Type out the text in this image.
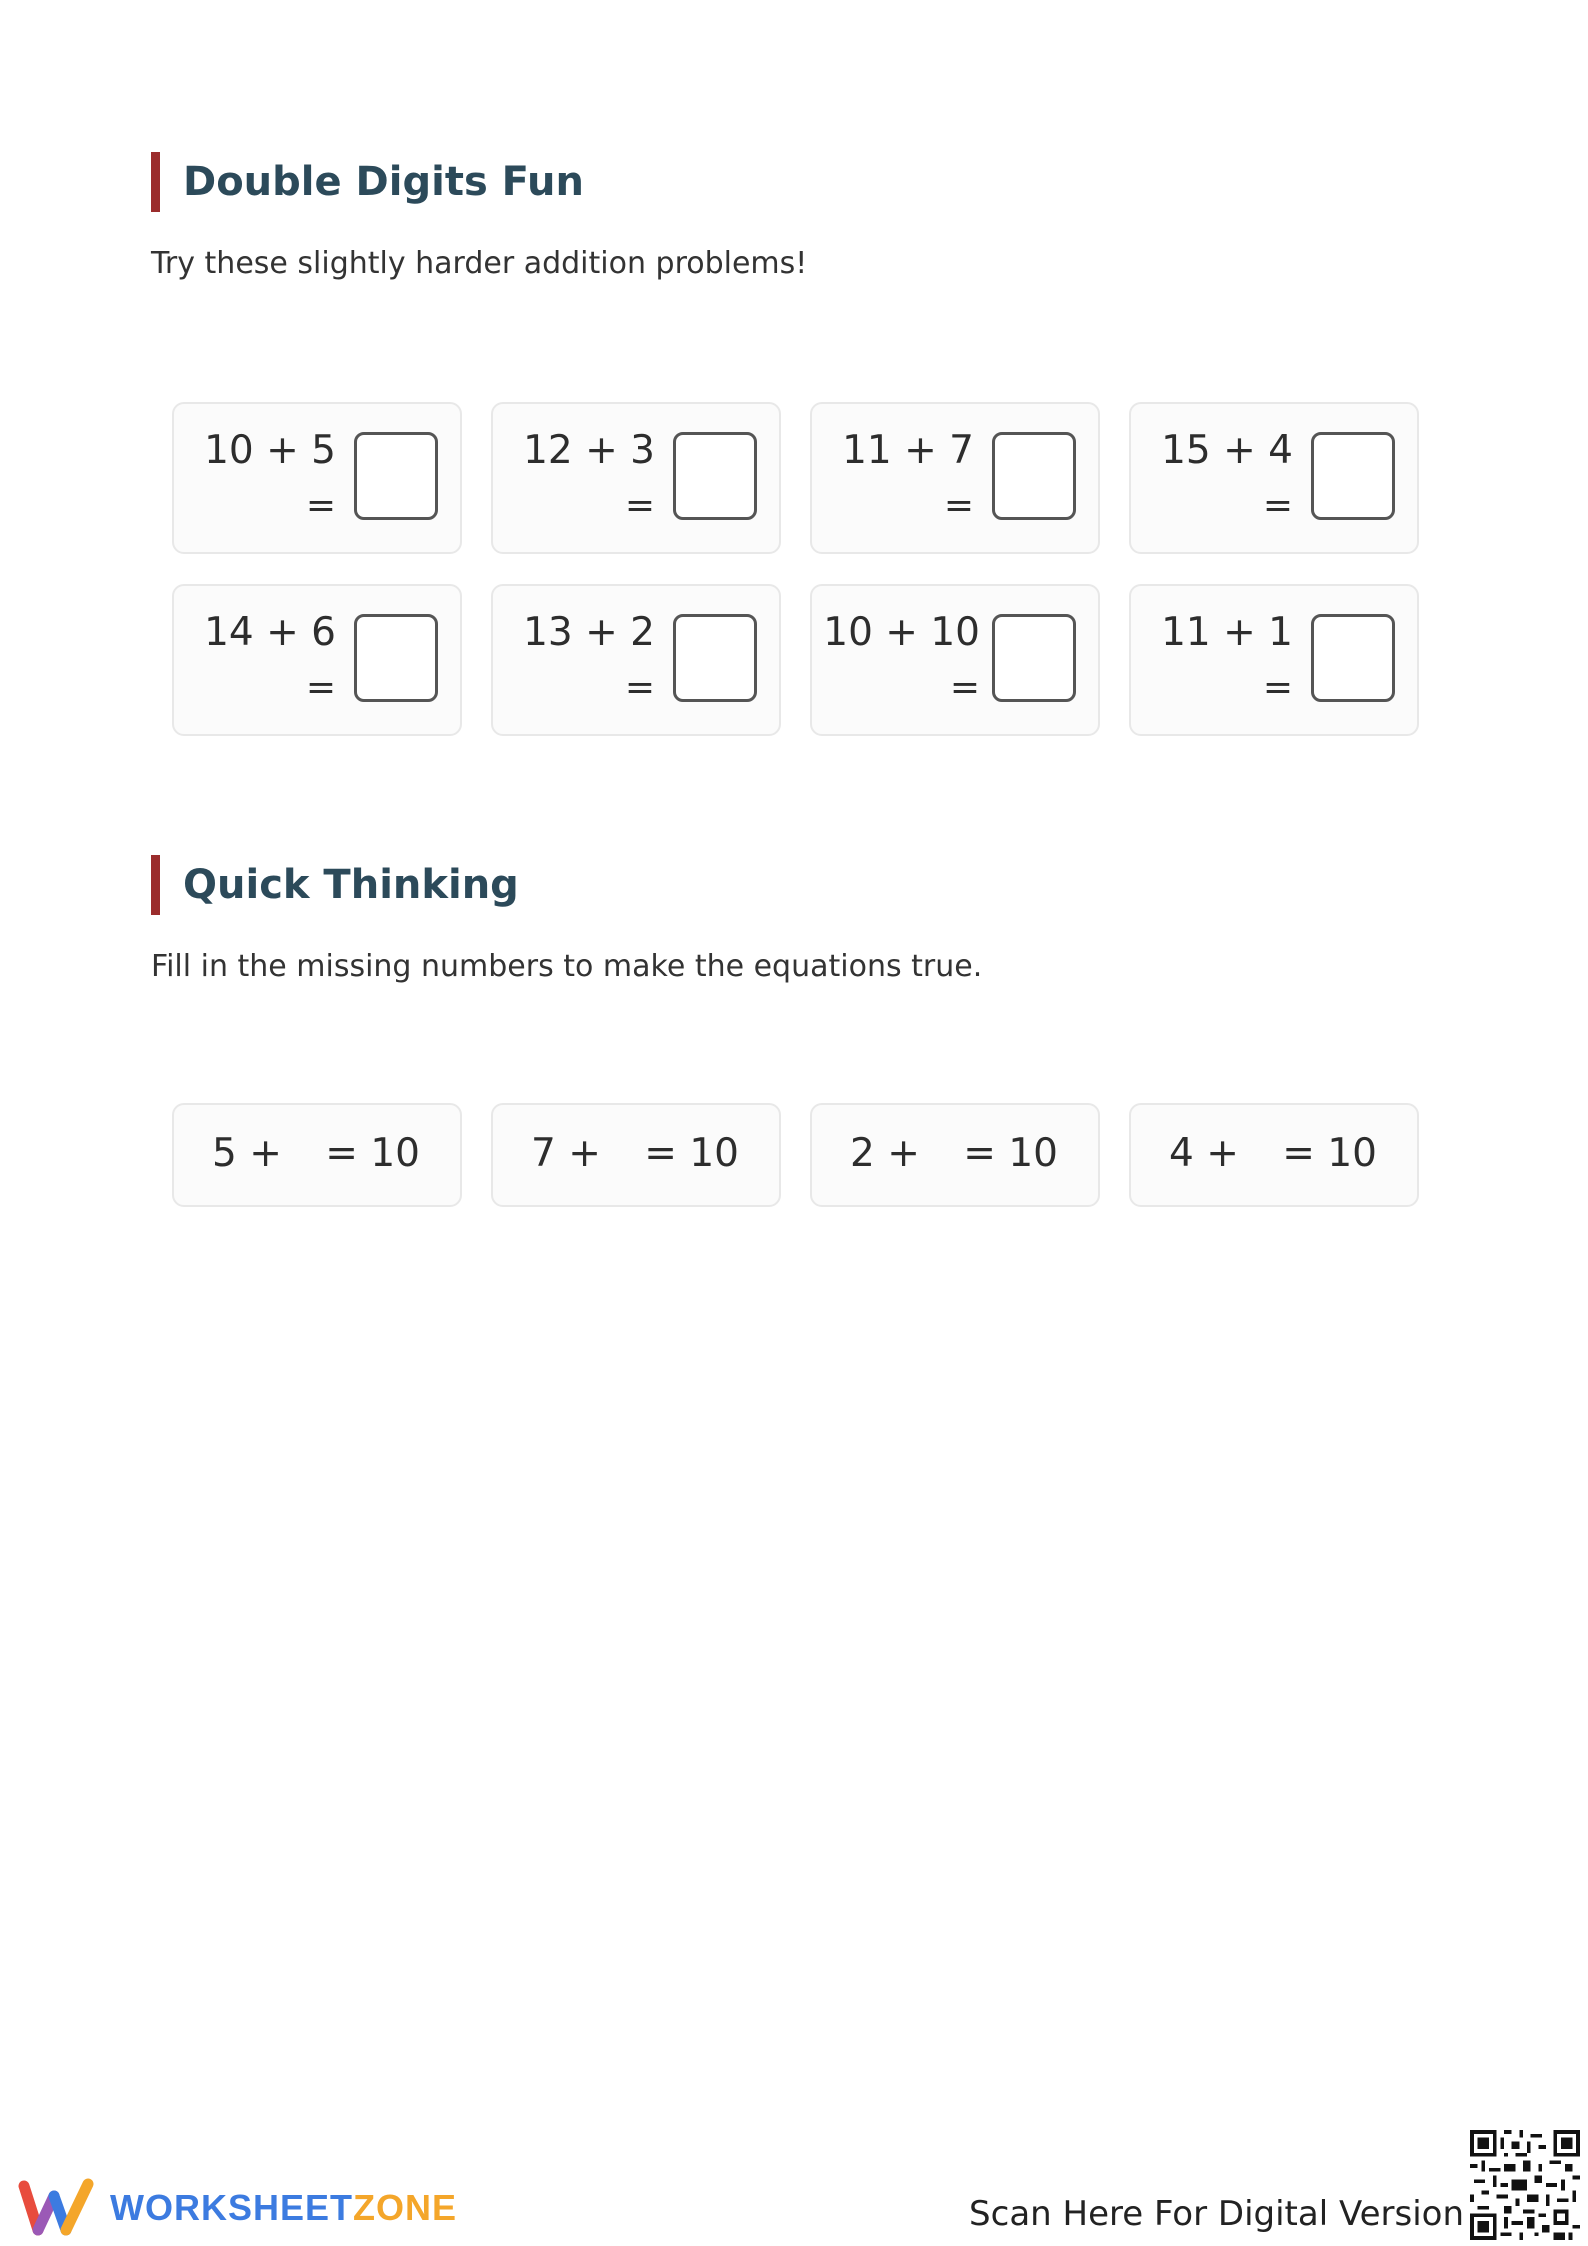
Double Digits Fun
Try these slightly harder addition problems!
10 + 5
=
12 + 3
=
11 + 7
=
15 + 4
=
14 + 6
=
13 + 2
=
10 + 10
=
11 + 1
=
Quick Thinking
Fill in the missing numbers to make the equations true.
5 + = 10	7 + = 10	2 + = 10	4 + = 10
WORKSHEETZONE	Scan Here For Digital Version
